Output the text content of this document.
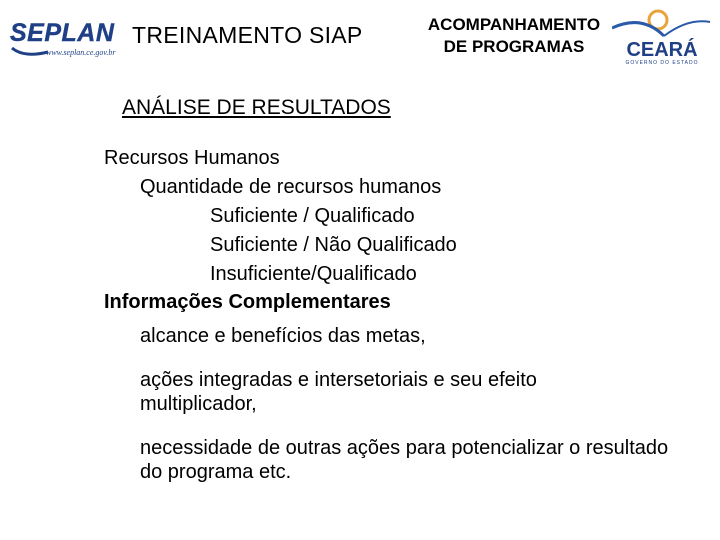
SEPLAN
www.seplan.ce.gov.br
TREINAMENTO SIAP	ACOMPANHAMENTO
DE PROGRAMAS	CEARÁ
GOVERNO DO ESTADO
ANÁLISE DE RESULTADOS
Recursos Humanos
Quantidade de recursos humanos
Suficiente / Qualificado
Suficiente / Não Qualificado
Insuficiente/Qualificado
Informações Complementares
alcance e benefícios das metas,
ações integradas e intersetoriais e seu efeito multiplicador,
necessidade de outras ações para potencializar o resultado do programa etc.
